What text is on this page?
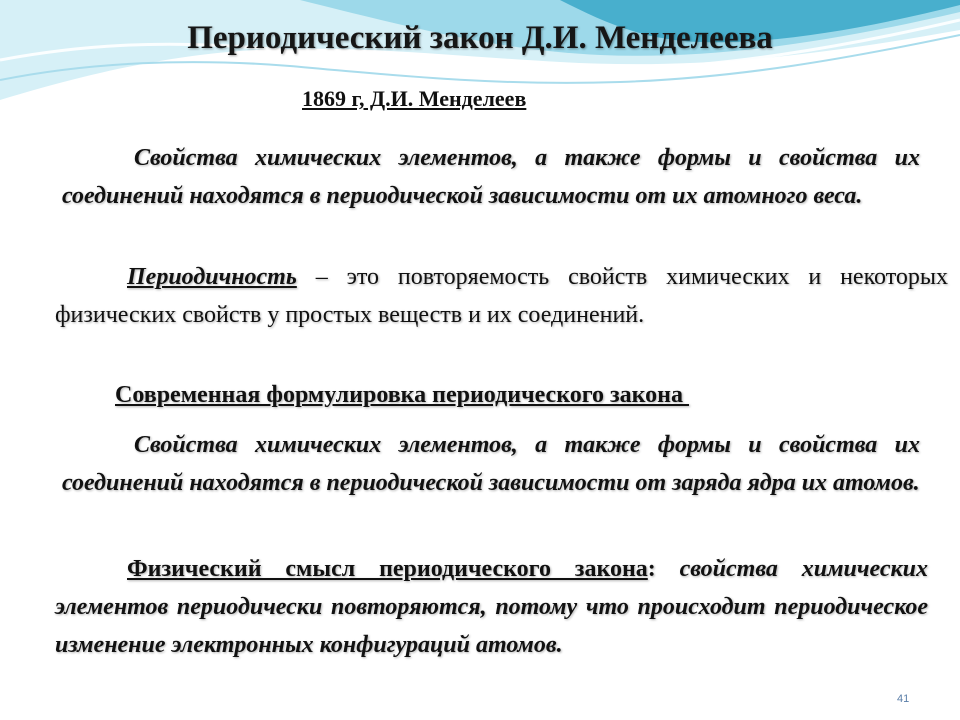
Периодический закон Д.И. Менделеева
1869 г, Д.И. Менделеев
Свойства химических элементов, а также формы и свойства их соединений находятся в периодической зависимости от их атомного веса.
Периодичность – это повторяемость свойств химических и некоторых физических свойств у простых веществ и их соединений.
Современная формулировка периодического закона
Свойства химических элементов, а также формы и свойства их соединений находятся в периодической зависимости от заряда ядра их атомов.
Физический смысл периодического закона: свойства химических элементов периодически повторяются, потому что происходит периодическое изменение электронных конфигураций атомов.
41
